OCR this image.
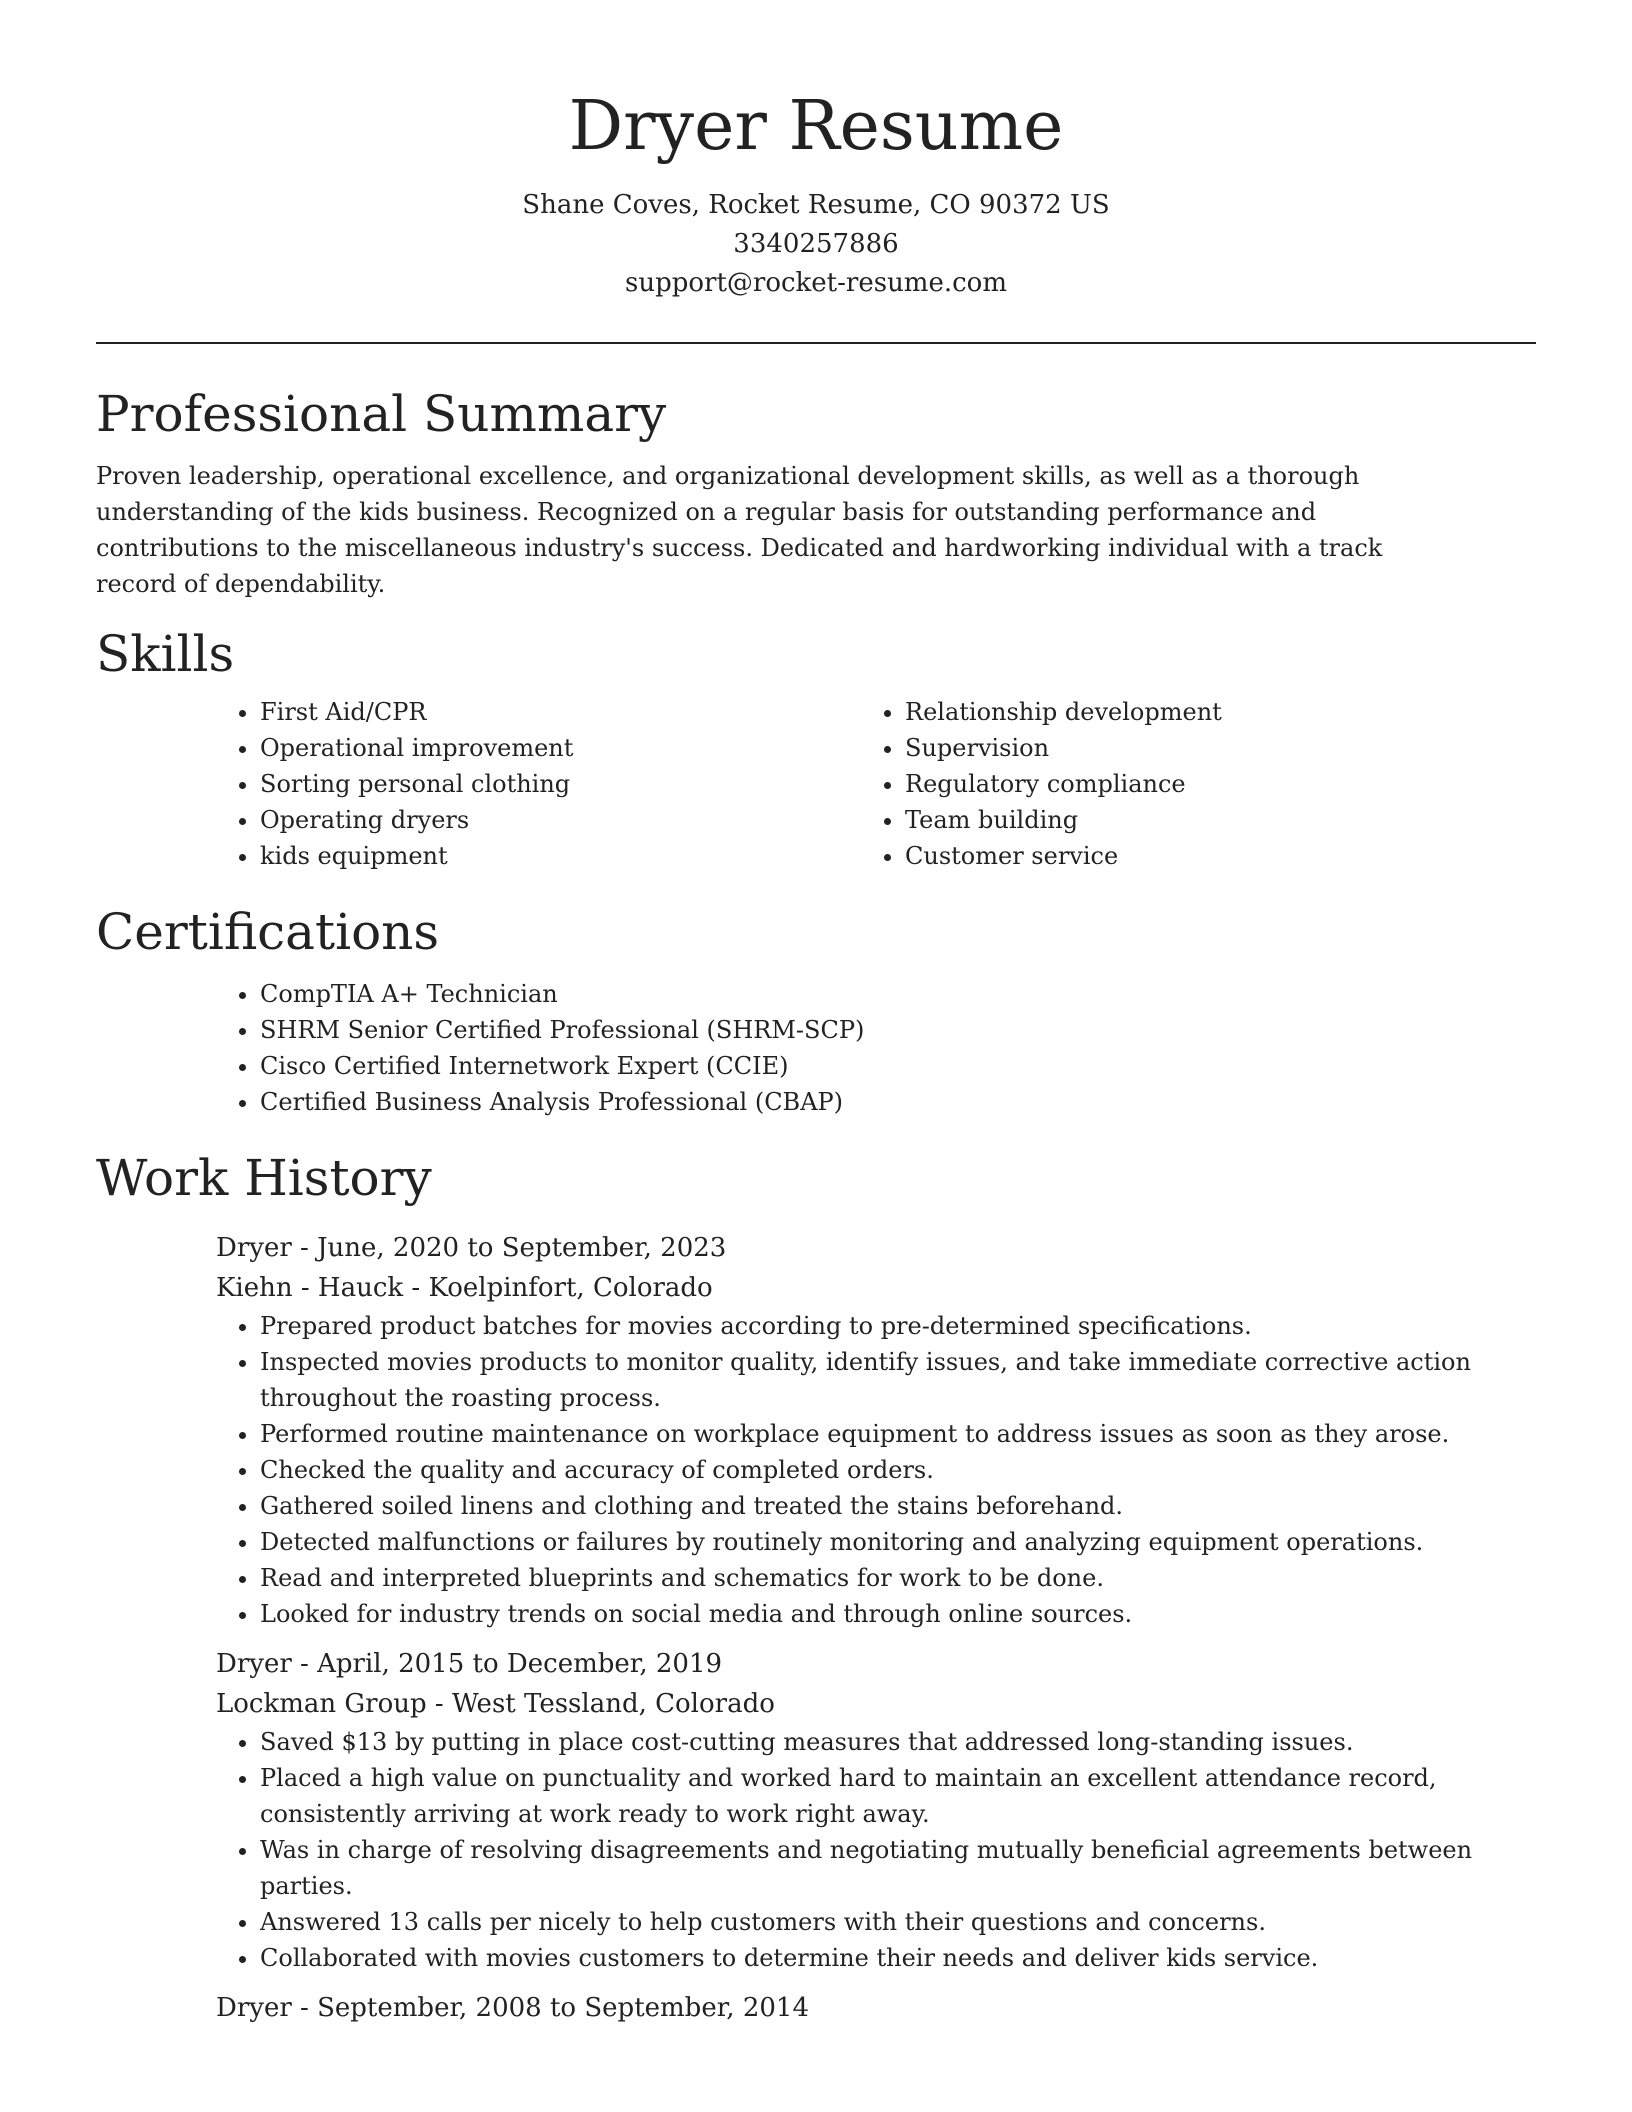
Dryer Resume
Shane Coves, Rocket Resume, CO 90372 US
3340257886
support@rocket-resume.com
Professional Summary

Proven leadership, operational excellence, and organizational development skills, as well as a thorough understanding of the kids business. Recognized on a regular basis for outstanding performance and contributions to the miscellaneous industry's success. Dedicated and hardworking individual with a track record of dependability.

Skills
• First Aid/CPR
• Operational improvement
• Sorting personal clothing
• Operating dryers
• kids equipment
• Relationship development
• Supervision
• Regulatory compliance
• Team building
• Customer service
Certifications
• CompTIA A+ Technician
• SHRM Senior Certified Professional (SHRM-SCP)
• Cisco Certified Internetwork Expert (CCIE)
• Certified Business Analysis Professional (CBAP)
Work History
Dryer - June, 2020 to September, 2023
Kiehn - Hauck - Koelpinfort, Colorado
• Prepared product batches for movies according to pre-determined specifications.
• Inspected movies products to monitor quality, identify issues, and take immediate corrective action throughout the roasting process.
• Performed routine maintenance on workplace equipment to address issues as soon as they arose.
• Checked the quality and accuracy of completed orders.
• Gathered soiled linens and clothing and treated the stains beforehand.
• Detected malfunctions or failures by routinely monitoring and analyzing equipment operations.
• Read and interpreted blueprints and schematics for work to be done.
• Looked for industry trends on social media and through online sources.
Dryer - April, 2015 to December, 2019
Lockman Group - West Tessland, Colorado
• Saved $13 by putting in place cost-cutting measures that addressed long-standing issues.
• Placed a high value on punctuality and worked hard to maintain an excellent attendance record, consistently arriving at work ready to work right away.
• Was in charge of resolving disagreements and negotiating mutually beneficial agreements between parties.
• Answered 13 calls per nicely to help customers with their questions and concerns.
• Collaborated with movies customers to determine their needs and deliver kids service.
Dryer - September, 2008 to September, 2014
